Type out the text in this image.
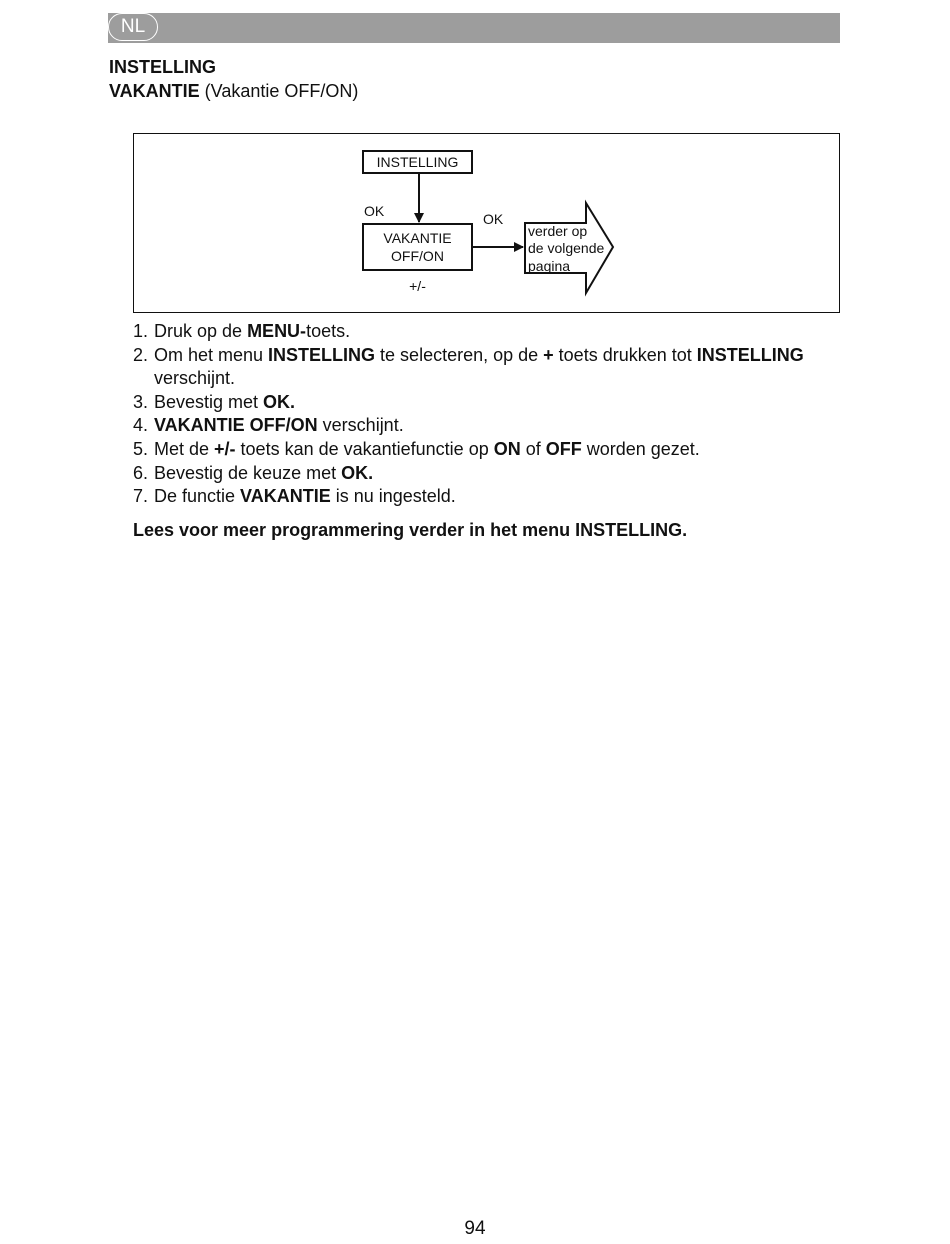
NL
INSTELLING
VAKANTIE (Vakantie OFF/ON)
INSTELLING
OK
VAKANTIE
OFF/ON
+/-
OK
verder op
de volgende
pagina
1. Druk op de MENU-toets.
2. Om het menu INSTELLING te selecteren, op de + toets drukken tot INSTELLING verschijnt.
3. Bevestig met OK.
4. VAKANTIE OFF/ON verschijnt.
5. Met de +/- toets kan de vakantiefunctie op ON of OFF worden gezet.
6. Bevestig de keuze met OK.
7. De functie VAKANTIE is nu ingesteld.
Lees voor meer programmering verder in het menu INSTELLING.
94
